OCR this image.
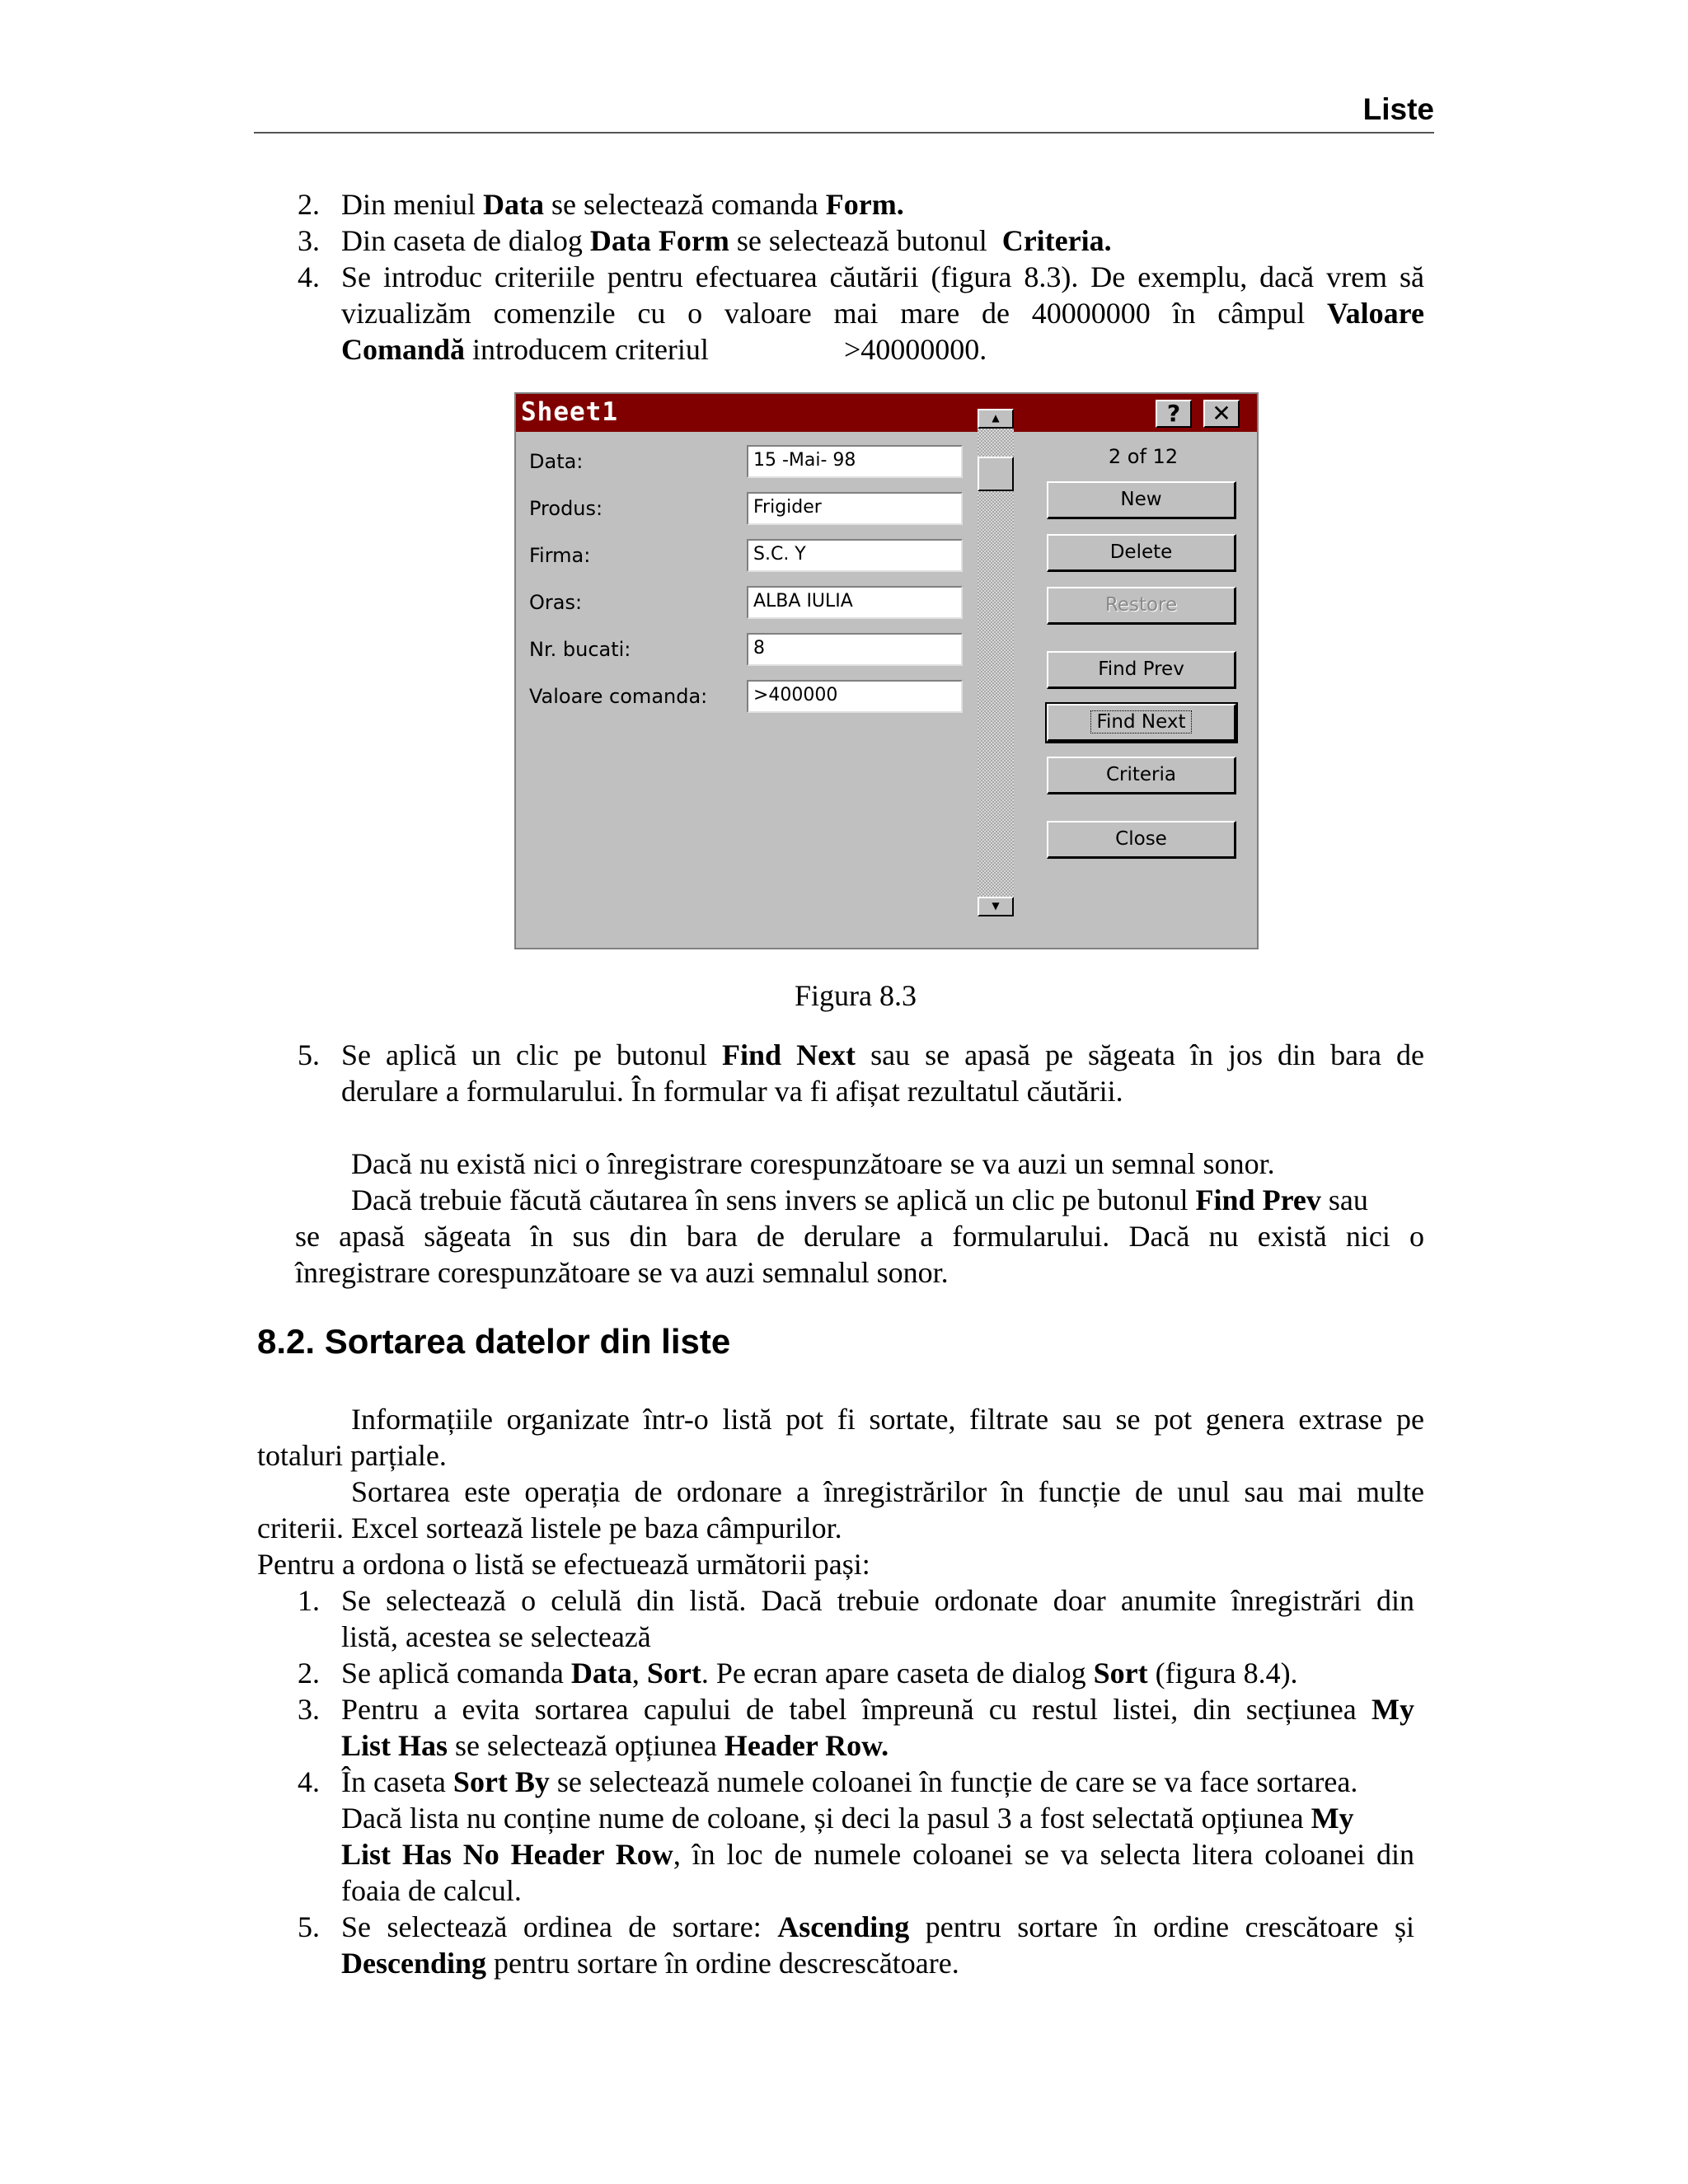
Liste
2. Din meniul Data se selectează comanda Form.
3. Din caseta de dialog Data Form se selectează butonul  Criteria.
4. Se introduc criteriile pentru efectuarea căutării (figura 8.3). De exemplu, dacă vrem să
vizualizăm comenzile cu o valoare mai mare de 40000000 în câmpul Valoare
Comandă introducem criteriul	>40000000.
Sheet1	?	✕
Data:	15 -Mai- 98
Produs:	Frigider
Firma:	S.C. Y
Oras:	ALBA IULIA
Nr. bucati:	8
Valoare comanda:	>400000
▲
▼
2 of 12
New
Delete
Restore
Find Prev
Find Next
Criteria
Close
Figura 8.3
5. Se aplică un clic pe butonul Find Next sau se apasă pe săgeata în jos din bara de
derulare a formularului. În formular va fi afișat rezultatul căutării.
Dacă nu există nici o înregistrare corespunzătoare se va auzi un semnal sonor.
Dacă trebuie făcută căutarea în sens invers se aplică un clic pe butonul Find Prev sau
se apasă săgeata în sus din bara de derulare a formularului. Dacă nu există nici o
înregistrare corespunzătoare se va auzi semnalul sonor.
8.2. Sortarea datelor din liste
Informațiile organizate într-o listă pot fi sortate, filtrate sau se pot genera extrase pe
totaluri parțiale.
Sortarea este operația de ordonare a înregistrărilor în funcție de unul sau mai multe
criterii. Excel sortează listele pe baza câmpurilor.
Pentru a ordona o listă se efectuează următorii pași:
1. Se selectează o celulă din listă. Dacă trebuie ordonate doar anumite înregistrări din
listă, acestea se selectează
2. Se aplică comanda Data, Sort. Pe ecran apare caseta de dialog Sort (figura 8.4).
3. Pentru a evita sortarea capului de tabel împreună cu restul listei, din secțiunea My
List Has se selectează opțiunea Header Row.
4. În caseta Sort By se selectează numele coloanei în funcție de care se va face sortarea.
Dacă lista nu conține nume de coloane, și deci la pasul 3 a fost selectată opțiunea My
List Has No Header Row, în loc de numele coloanei se va selecta litera coloanei din
foaia de calcul.
5. Se selectează ordinea de sortare: Ascending pentru sortare în ordine crescătoare și
Descending pentru sortare în ordine descrescătoare.
